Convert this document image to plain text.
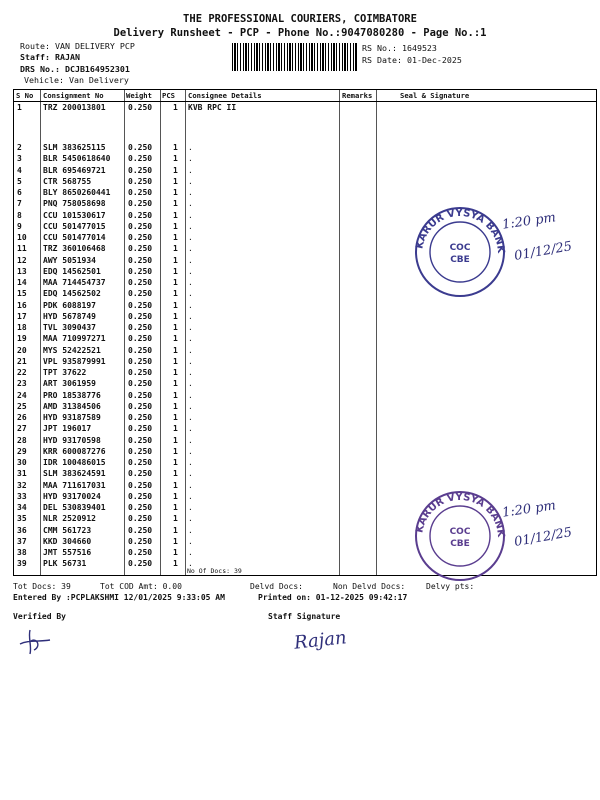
THE PROFESSIONAL COURIERS, COIMBATORE
Delivery Runsheet - PCP - Phone No.:9047080280 - Page No.:1
Route: VAN DELIVERY PCP
Staff: RAJAN
DRS No.: DCJB164952301
Vehicle: Van Delivery
RS No.: 1649523
RS Date: 01-Dec-2025
S No Consignment No	Weight PCS Consignee Details	Remarks	Seal & Signature
1	TRZ 200013801	0.250	1 KVB RPC II
2	SLM 383625115	0.250	1 .
3	BLR 5450618640 0.250	1 .
4	BLR 695469721	0.250	1 .
5	CTR 568755	0.250	1 .
6	BLY 8650260441 0.250	1 .
7	PNQ 758058698	0.250	1 .
8	CCU 101530617	0.250	1 .
9	CCU 501477015	0.250	1 .
10 CCU 501477014	0.250	1 .
11 TRZ 360106468	0.250	1 .
12 AWY 5051934	0.250	1 .
13 EDQ 14562501	0.250	1 .
14 MAA 714454737	0.250	1 .
15 EDQ 14562502	0.250	1 .
16 PDK 6088197	0.250	1 .
17 HYD 5678749	0.250	1 .
18 TVL 3090437	0.250	1 .
19 MAA 710997271	0.250	1 .
20 MYS 52422521	0.250	1 .
21 VPL 935879991	0.250	1 .
22 TPT 37622	0.250	1 .
23 ART 3061959	0.250	1 .
24 PRO 18538776	0.250	1 .
25 AMD 31384506	0.250	1 .
26 HYD 93187589	0.250	1 .
27 JPT 196017	0.250	1 .
28 HYD 93170598	0.250	1 .
29 KRR 600087276	0.250	1 .
30 IDR 100486015	0.250	1 .
31 SLM 383624591	0.250	1 .
32 MAA 711617031	0.250	1 .
33 HYD 93170024	0.250	1 .
34 DEL 530839401	0.250	1 .
35 NLR 2520912	0.250	1 .
36 CMM 561723	0.250	1 .
37 KKD 304660	0.250	1 .
38 JMT 557516	0.250	1 .
39 PLK 56731	0.250	1 .
No Of Docs: 39
KARUR VYSYA BANK
COC
CBE
1:20 pm
01/12/25
KARUR VYSYA BANK
COC
CBE
1:20 pm
01/12/25
Tot Docs: 39	Tot COD Amt: 0.00	Delvd Docs:	Non Delvd Docs:	Delvy pts:
Entered By :PCPLAKSHMI 12/01/2025 9:33:05 AM	Printed on: 01-12-2025 09:42:17
Verified By	Staff Signature
Rajan
